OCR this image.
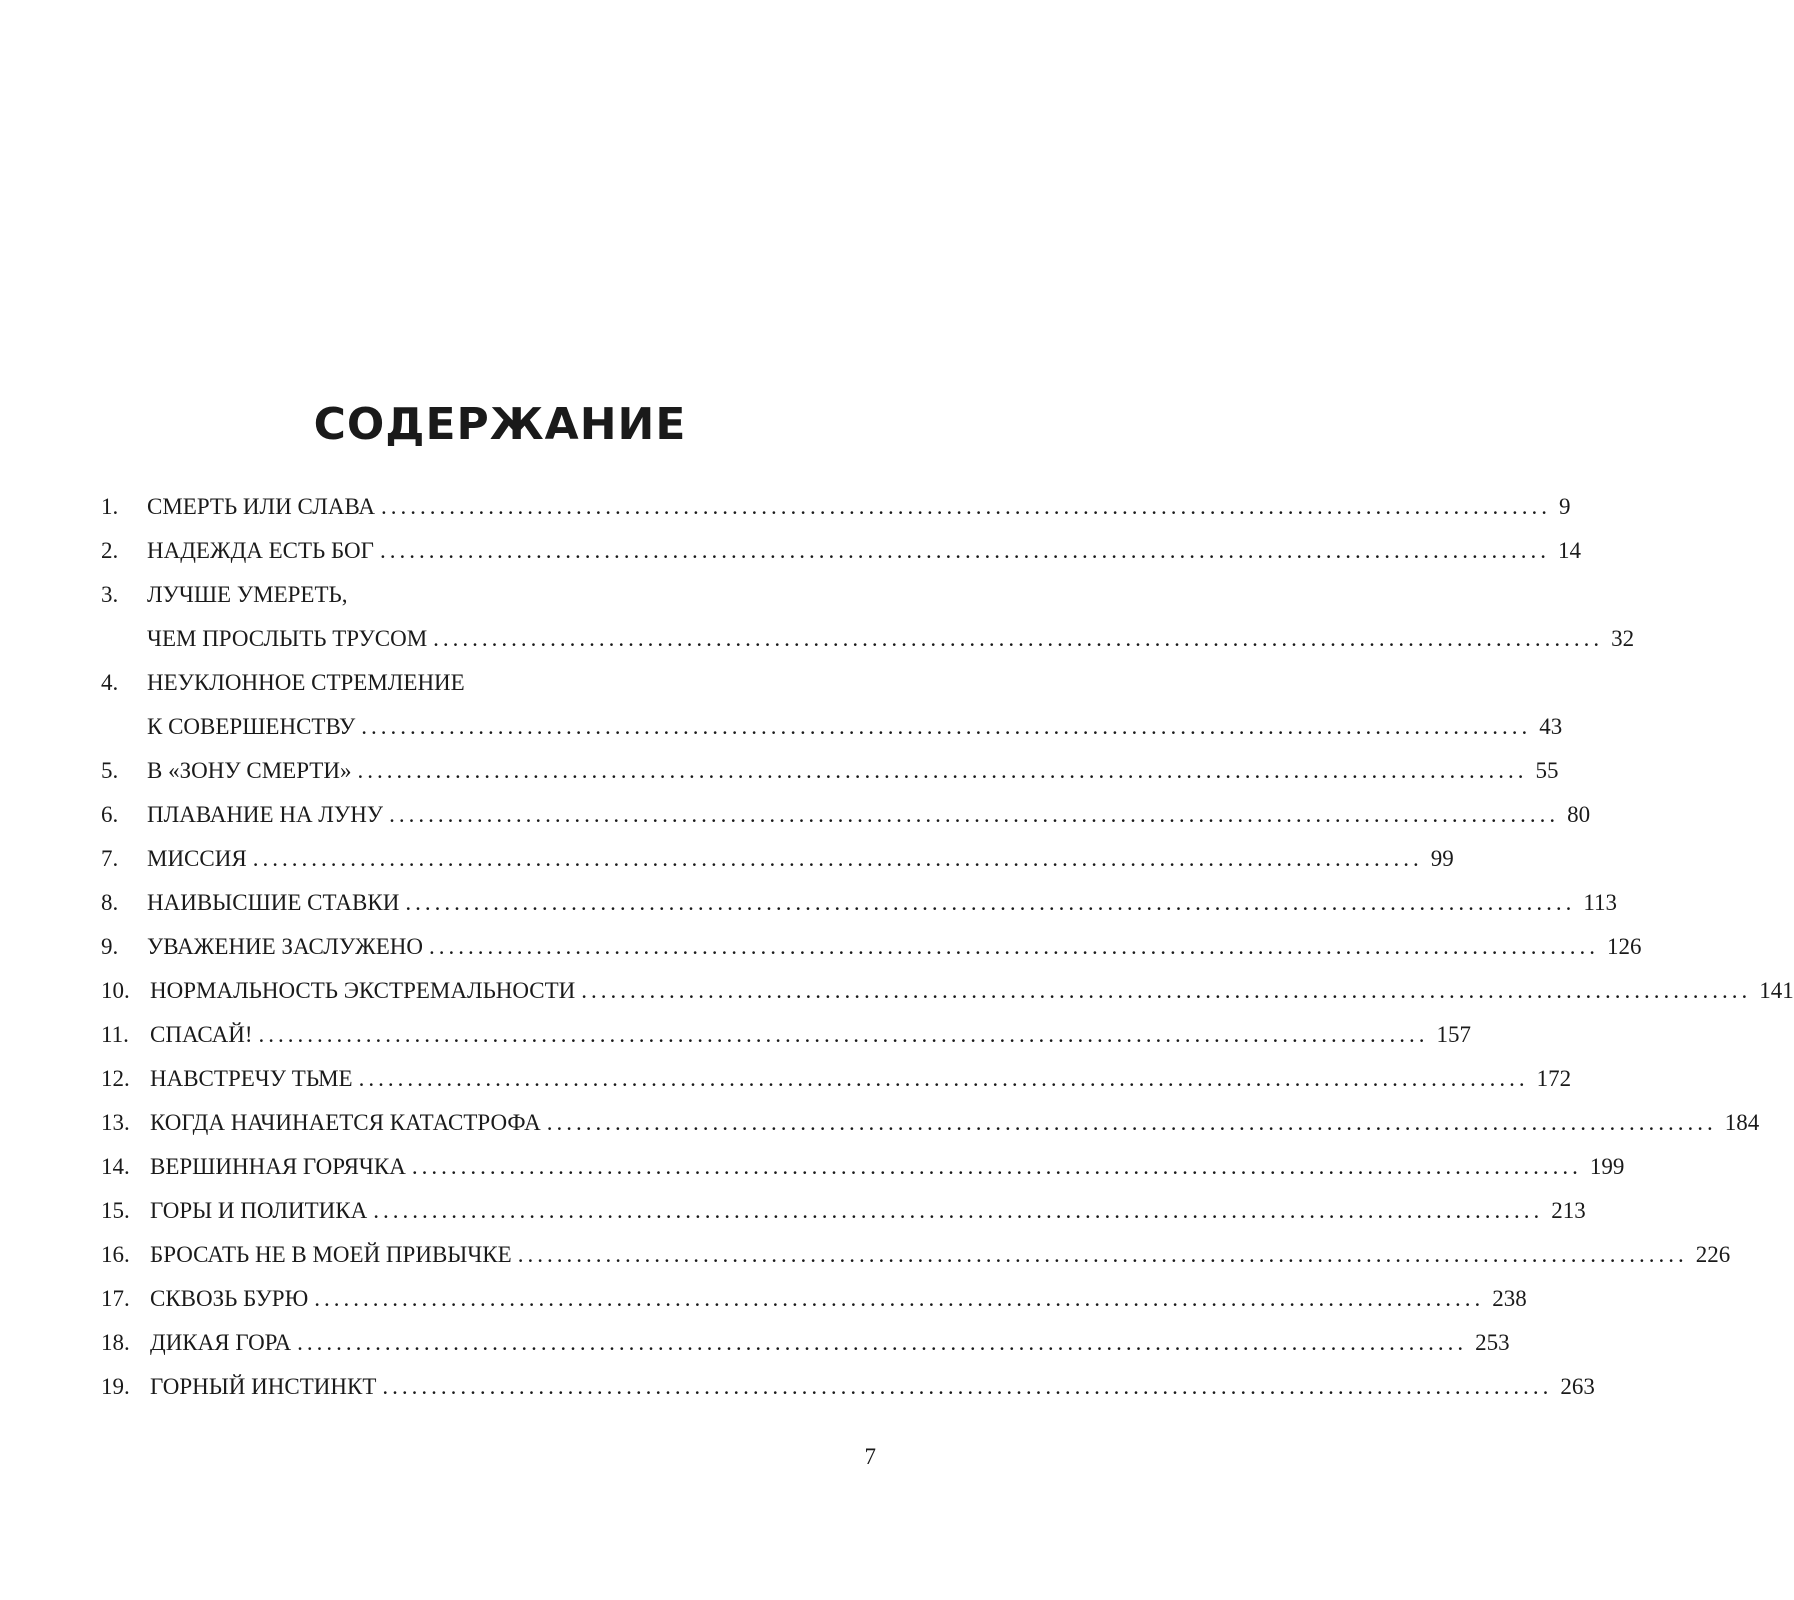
СОДЕРЖАНИЕ
1.	СМЕРТЬ ИЛИ СЛАВА ........................................................................................................................ 9
2.	НАДЕЖДА ЕСТЬ БОГ ........................................................................................................................ 14
3.	ЛУЧШЕ УМЕРЕТЬ,
ЧЕМ ПРОСЛЫТЬ ТРУСОМ ........................................................................................................................ 32
4.	НЕУКЛОННОЕ СТРЕМЛЕНИЕ
К СОВЕРШЕНСТВУ ........................................................................................................................ 43
5.	В «ЗОНУ СМЕРТИ» ........................................................................................................................ 55
6.	ПЛАВАНИЕ НА ЛУНУ ........................................................................................................................ 80
7.	МИССИЯ ........................................................................................................................ 99
8.	НАИВЫСШИЕ СТАВКИ ........................................................................................................................ 113
9.	УВАЖЕНИЕ ЗАСЛУЖЕНО ........................................................................................................................ 126
10. НОРМАЛЬНОСТЬ ЭКСТРЕМАЛЬНОСТИ ........................................................................................................................ 141
11. СПАСАЙ! ........................................................................................................................ 157
12. НАВСТРЕЧУ ТЬМЕ ........................................................................................................................ 172
13. КОГДА НАЧИНАЕТСЯ КАТАСТРОФА ........................................................................................................................ 184
14. ВЕРШИННАЯ ГОРЯЧКА ........................................................................................................................ 199
15. ГОРЫ И ПОЛИТИКА ........................................................................................................................ 213
16. БРОСАТЬ НЕ В МОЕЙ ПРИВЫЧКЕ ........................................................................................................................ 226
17. СКВОЗЬ БУРЮ ........................................................................................................................ 238
18. ДИКАЯ ГОРА ........................................................................................................................ 253
19. ГОРНЫЙ ИНСТИНКТ ........................................................................................................................ 263
7
